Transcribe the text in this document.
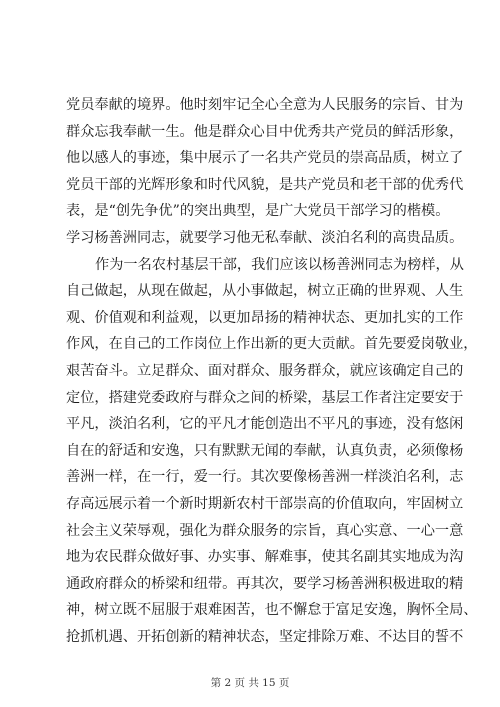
党员奉献的境界。他时刻牢记全心全意为人民服务的宗旨、甘为
群众忘我奉献一生。他是群众心目中优秀共产党员的鲜活形象，
他以感人的事迹，集中展示了一名共产党员的崇高品质，树立了
党员干部的光辉形象和时代风貌，是共产党员和老干部的优秀代
表，是“创先争优”的突出典型，是广大党员干部学习的楷模。
学习杨善洲同志，就要学习他无私奉献、淡泊名利的高贵品质。
作为一名农村基层干部，我们应该以杨善洲同志为榜样，从
自己做起，从现在做起，从小事做起，树立正确的世界观、人生
观、价值观和利益观，以更加昂扬的精神状态、更加扎实的工作
作风，在自己的工作岗位上作出新的更大贡献。首先要爱岗敬业，
艰苦奋斗。立足群众、面对群众、服务群众，就应该确定自己的
定位，搭建党委政府与群众之间的桥梁，基层工作者注定要安于
平凡，淡泊名利，它的平凡才能创造出不平凡的事迹，没有悠闲
自在的舒适和安逸，只有默默无闻的奉献，认真负责，必须像杨
善洲一样，在一行，爱一行。其次要像杨善洲一样淡泊名利，志
存高远展示着一个新时期新农村干部崇高的价值取向，牢固树立
社会主义荣辱观，强化为群众服务的宗旨，真心实意、一心一意
地为农民群众做好事、办实事、解难事，使其名副其实地成为沟
通政府群众的桥梁和纽带。再其次，要学习杨善洲积极进取的精
神，树立既不屈服于艰难困苦，也不懈怠于富足安逸，胸怀全局、
抢抓机遇、开拓创新的精神状态，坚定排除万难、不达目的誓不
第 2 页 共 15 页
